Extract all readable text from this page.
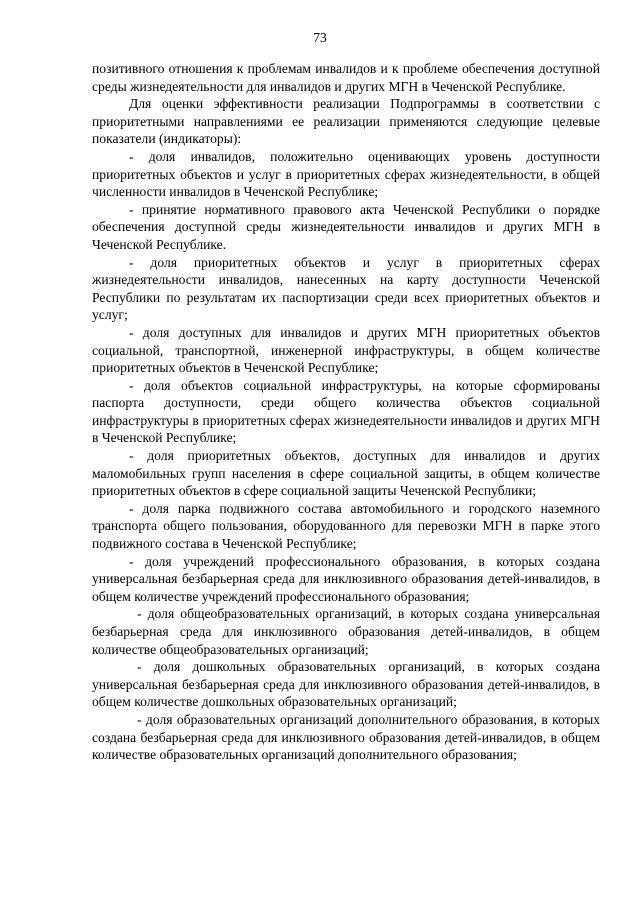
73

позитивного отношения к проблемам инвалидов и к проблеме обеспечения доступной среды жизнедеятельности для инвалидов и других МГН в Чеченской Республике.

Для оценки эффективности реализации Подпрограммы в соответствии с приоритетными направлениями ее реализации применяются следующие целевые показатели (индикаторы):

- доля инвалидов, положительно оценивающих уровень доступности приоритетных объектов и услуг в приоритетных сферах жизнедеятельности, в общей численности инвалидов в Чеченской Республике;

- принятие нормативного правового акта Чеченской Республики о порядке обеспечения доступной среды жизнедеятельности инвалидов и других МГН в Чеченской Республике.

- доля приоритетных объектов и услуг в приоритетных сферах жизнедеятельности инвалидов, нанесенных на карту доступности Чеченской Республики по результатам их паспортизации среди всех приоритетных объектов и услуг;

- доля доступных для инвалидов и других МГН приоритетных объектов социальной, транспортной, инженерной инфраструктуры, в общем количестве приоритетных объектов в Чеченской Республике;

- доля объектов социальной инфраструктуры, на которые сформированы паспорта доступности, среди общего количества объектов социальной инфраструктуры в приоритетных сферах жизнедеятельности инвалидов и других МГН в Чеченской Республике;

- доля приоритетных объектов, доступных для инвалидов и других маломобильных групп населения в сфере социальной защиты, в общем количестве приоритетных объектов в сфере социальной защиты Чеченской Республики;

- доля парка подвижного состава автомобильного и городского наземного транспорта общего пользования, оборудованного для перевозки МГН в парке этого подвижного состава в Чеченской Республике;

- доля учреждений профессионального образования, в которых создана универсальная безбарьерная среда для инклюзивного образования детей-инвалидов, в общем количестве учреждений профессионального образования;

- доля общеобразовательных организаций, в которых создана универсальная безбарьерная среда для инклюзивного образования детей-инвалидов, в общем количестве общеобразовательных организаций;

- доля дошкольных образовательных организаций, в которых создана универсальная безбарьерная среда для инклюзивного образования детей-инвалидов, в общем количестве дошкольных образовательных организаций;

- доля образовательных организаций дополнительного образования, в которых создана безбарьерная среда для инклюзивного образования детей-инвалидов, в общем количестве образовательных организаций дополнительного образования;
